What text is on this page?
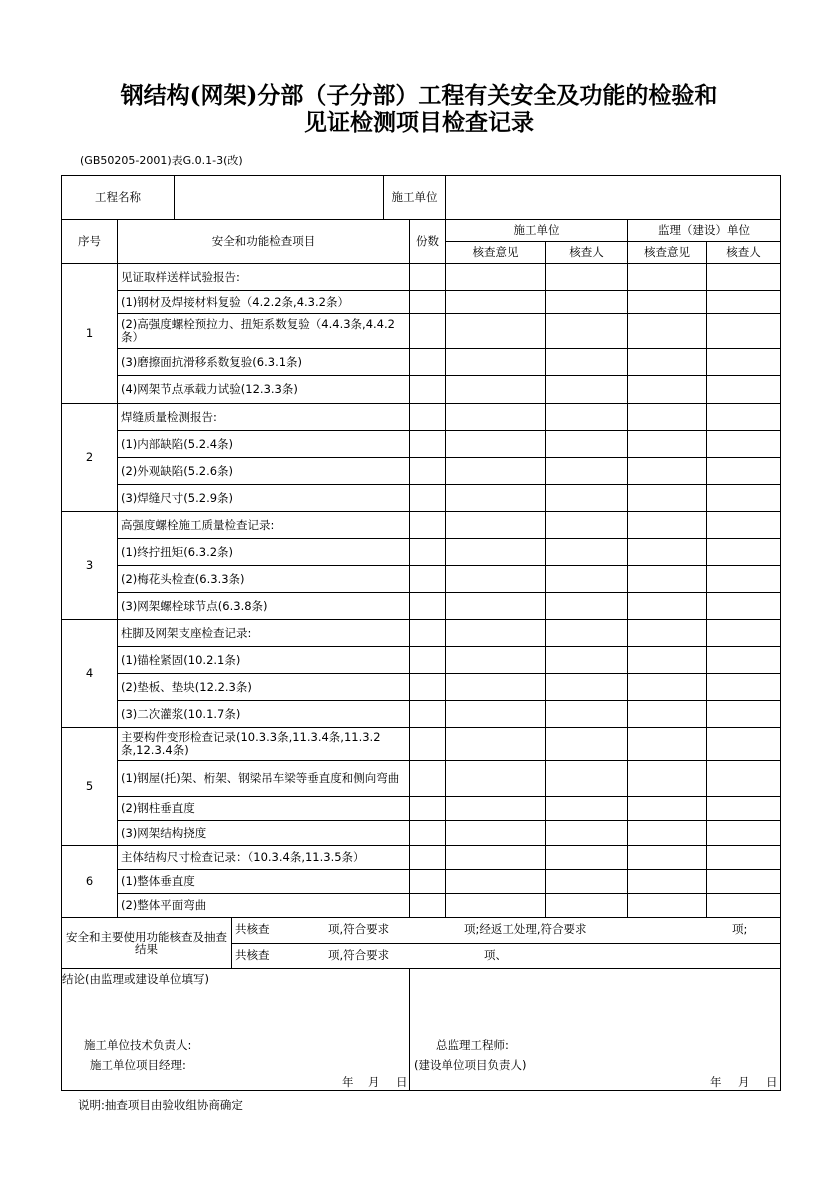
钢结构(网架)分部（子分部）工程有关安全及功能的检验和
见证检测项目检查记录
(GB50205-2001)表G.0.1-3(改)
工程名称		施工单位	
序号	安全和功能检查项目	份数	施工单位		监理（建设）单位	
			核查意见	核查人	核查意见	核查人
1	见证取样送样试验报告:					
	(1)钢材及焊接材料复验（4.2.2条,4.3.2条）					
	(2)高强度螺栓预拉力、扭矩系数复验（4.4.3条,4.4.2条）					
	(3)磨擦面抗滑移系数复验(6.3.1条)					
	(4)网架节点承载力试验(12.3.3条)					
2	焊缝质量检测报告:					
	(1)内部缺陷(5.2.4条)					
	(2)外观缺陷(5.2.6条)					
	(3)焊缝尺寸(5.2.9条)					
3	高强度螺栓施工质量检查记录:					
	(1)终拧扭矩(6.3.2条)					
	(2)梅花头检查(6.3.3条)					
	(3)网架螺栓球节点(6.3.8条)					
4	柱脚及网架支座检查记录:					
	(1)锚栓紧固(10.2.1条)					
	(2)垫板、垫块(12.2.3条)					
	(3)二次灌浆(10.1.7条)					
5	主要构件变形检查记录(10.3.3条,11.3.4条,11.3.2条,12.3.4条)					
	(1)钢屋(托)架、桁架、钢梁吊车梁等垂直度和侧向弯曲					
	(2)钢柱垂直度					
	(3)网架结构挠度					
6	主体结构尺寸检查记录：（10.3.4条,11.3.5条）					
	(1)整体垂直度					
	(2)整体平面弯曲					
安全和主要使用功能核查及抽查结果	
共核查	项,符合要求	项;经返工处理,符合要求	项;

共核查	项,符合要求	项、
结论(由监理或建设单位填写)
施工单位技术负责人:
施工单位项目经理:
年 月 日

总监理工程师:
(建设单位项目负责人)
年 月 日
说明:抽查项目由验收组协商确定
